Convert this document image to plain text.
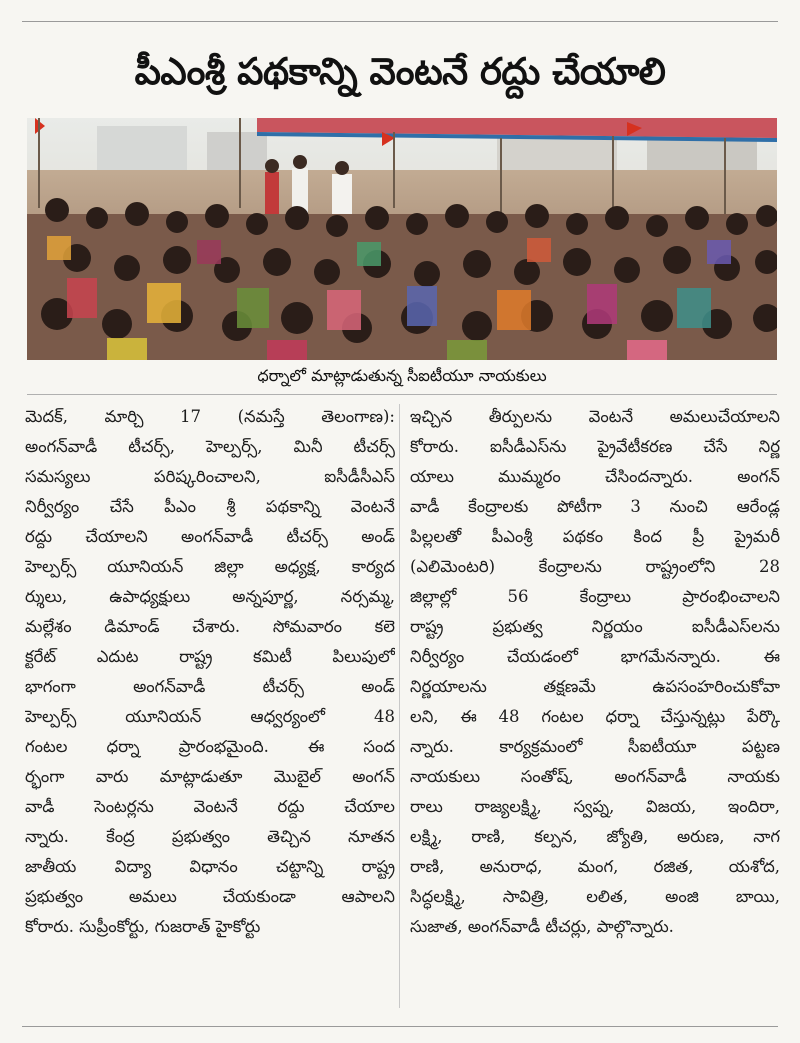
పీఎంశ్రీ పథకాన్ని వెంటనే రద్దు చేయాలి
ధర్నాలో మాట్లాడుతున్న సీఐటీయూ నాయకులు
మెదక్, మార్చి 17 (నమస్తే తెలంగాణ):
అంగన్‌వాడీ టీచర్స్, హెల్పర్స్, మినీ టీచర్స్
సమస్యలు పరిష్కరించాలని, ఐసీడీసీఎస్
నిర్వీర్యం చేసే పీఎం శ్రీ పథకాన్ని వెంటనే
రద్దు చేయాలని అంగన్‌వాడీ టీచర్స్ అండ్
హెల్పర్స్ యూనియన్ జిల్లా అధ్యక్ష, కార్యద
ర్శులు, ఉపాధ్యక్షులు అన్నపూర్ణ, నర్సమ్మ,
మల్లేశం డిమాండ్ చేశారు. సోమవారం కలె
క్టరేట్ ఎదుట రాష్ట్ర కమిటీ పిలుపులో
భాగంగా అంగన్‌వాడీ టీచర్స్ అండ్
హెల్పర్స్ యూనియన్ ఆధ్వర్యంలో 48
గంటల ధర్నా ప్రారంభమైంది. ఈ సంద
ర్భంగా వారు మాట్లాడుతూ మొబైల్ అంగన్
వాడీ సెంటర్లను వెంటనే రద్దు చేయాల
న్నారు. కేంద్ర ప్రభుత్వం తెచ్చిన నూతన
జాతీయ విద్యా విధానం చట్టాన్ని రాష్ట్ర
ప్రభుత్వం అమలు చేయకుండా ఆపాలని
కోరారు. సుప్రీంకోర్టు, గుజరాత్ హైకోర్టు
ఇచ్చిన తీర్పులను వెంటనే అమలుచేయాలని
కోరారు. ఐసీడీఎస్‌ను ప్రైవేటీకరణ చేసే నిర్ణ
యాలు ముమ్మరం చేసిందన్నారు. అంగన్
వాడీ కేంద్రాలకు పోటీగా 3 నుంచి ఆరేండ్ల
పిల్లలతో పీఎంశ్రీ పథకం కింద ప్రీ ప్రైమరీ
(ఎలిమెంటరి) కేంద్రాలను రాష్ట్రంలోని 28
జిల్లాల్లో 56 కేంద్రాలు ప్రారంభించాలని
రాష్ట్ర ప్రభుత్వ నిర్ణయం ఐసీడీఎస్‌లను
నిర్వీర్యం చేయడంలో భాగమేనన్నారు. ఈ
నిర్ణయాలను తక్షణమే ఉపసంహరించుకోవా
లని, ఈ 48 గంటల ధర్నా చేస్తున్నట్లు పేర్కొ
న్నారు. కార్యక్రమంలో సీఐటీయూ పట్టణ
నాయకులు సంతోష్, అంగన్‌వాడీ నాయకు
రాలు రాజ్యలక్ష్మి, స్వప్న, విజయ, ఇందిరా,
లక్ష్మి, రాణి, కల్పన, జ్యోతి, అరుణ, నాగ
రాణి, అనురాధ, మంగ, రజిత, యశోద,
సిద్ధలక్ష్మి, సావిత్రి, లలిత, అంజి బాయి,
సుజాత, అంగన్‌వాడీ టీచర్లు, పాల్గొన్నారు.
